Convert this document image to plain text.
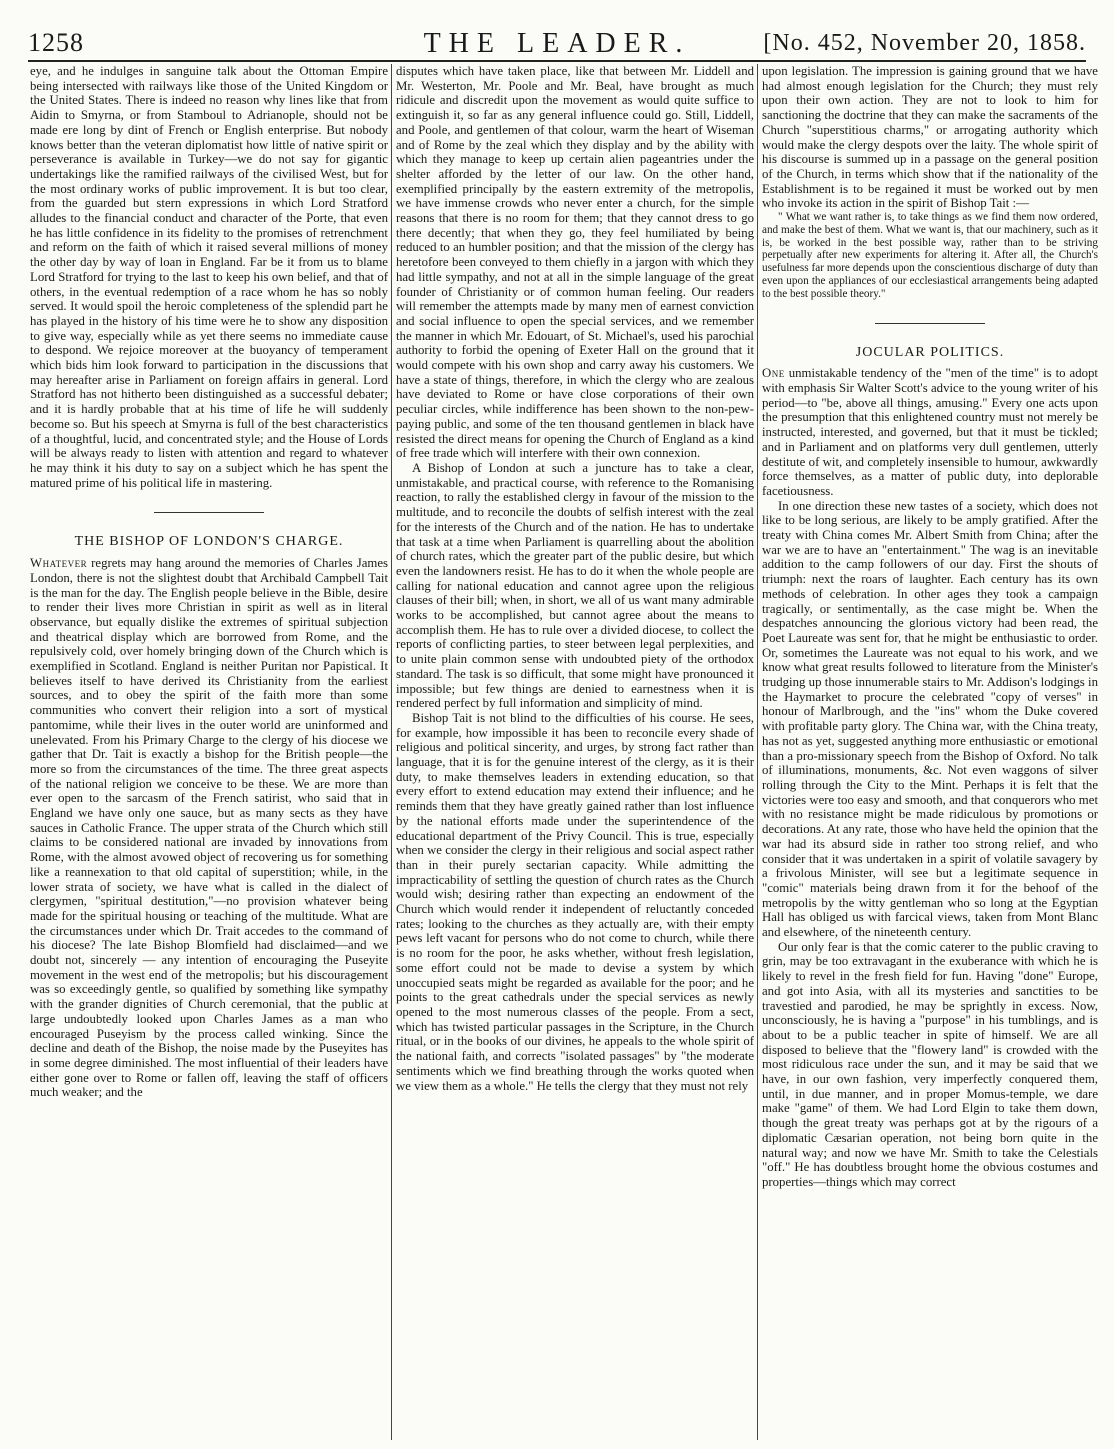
1258	THE LEADER.	[No. 452, November 20, 1858.

eye, and he indulges in sanguine talk about the Ottoman Empire being intersected with railways like those of the United Kingdom or the United States. There is indeed no reason why lines like that from Aidin to Smyrna, or from Stamboul to Adrianople, should not be made ere long by dint of French or English enterprise. But nobody knows better than the veteran diplomatist how little of native spirit or perseverance is available in Turkey—we do not say for gigantic undertakings like the ramified railways of the civilised West, but for the most ordinary works of public improvement. It is but too clear, from the guarded but stern expressions in which Lord Stratford alludes to the financial conduct and character of the Porte, that even he has little confidence in its fidelity to the promises of retrenchment and reform on the faith of which it raised several millions of money the other day by way of loan in England. Far be it from us to blame Lord Stratford for trying to the last to keep his own belief, and that of others, in the eventual redemption of a race whom he has so nobly served. It would spoil the heroic completeness of the splendid part he has played in the history of his time were he to show any disposition to give way, especially while as yet there seems no immediate cause to despond. We rejoice moreover at the buoyancy of temperament which bids him look forward to participation in the discussions that may hereafter arise in Parliament on foreign affairs in general. Lord Stratford has not hitherto been distinguished as a successful debater; and it is hardly probable that at his time of life he will suddenly become so. But his speech at Smyrna is full of the best characteristics of a thoughtful, lucid, and concentrated style; and the House of Lords will be always ready to listen with attention and regard to whatever he may think it his duty to say on a subject which he has spent the matured prime of his political life in mastering.

THE BISHOP OF LONDON'S CHARGE.

Whatever regrets may hang around the memories of Charles James London, there is not the slightest doubt that Archibald Campbell Tait is the man for the day. The English people believe in the Bible, desire to render their lives more Christian in spirit as well as in literal observance, but equally dislike the extremes of spiritual subjection and theatrical display which are borrowed from Rome, and the repulsively cold, over homely bringing down of the Church which is exemplified in Scotland. England is neither Puritan nor Papistical. It believes itself to have derived its Christianity from the earliest sources, and to obey the spirit of the faith more than some communities who convert their religion into a sort of mystical pantomime, while their lives in the outer world are uninformed and unelevated. From his Primary Charge to the clergy of his diocese we gather that Dr. Tait is exactly a bishop for the British people—the more so from the circumstances of the time. The three great aspects of the national religion we conceive to be these. We are more than ever open to the sarcasm of the French satirist, who said that in England we have only one sauce, but as many sects as they have sauces in Catholic France. The upper strata of the Church which still claims to be considered national are invaded by innovations from Rome, with the almost avowed object of recovering us for something like a reannexation to that old capital of superstition; while, in the lower strata of society, we have what is called in the dialect of clergymen, "spiritual destitution,"—no provision whatever being made for the spiritual housing or teaching of the multitude. What are the circumstances under which Dr. Trait accedes to the command of his diocese? The late Bishop Blomfield had disclaimed—and we doubt not, sincerely — any intention of encouraging the Puseyite movement in the west end of the metropolis; but his discouragement was so exceedingly gentle, so qualified by something like sympathy with the grander dignities of Church ceremonial, that the public at large undoubtedly looked upon Charles James as a man who encouraged Puseyism by the process called winking. Since the decline and death of the Bishop, the noise made by the Puseyites has in some degree diminished. The most influential of their leaders have either gone over to Rome or fallen off, leaving the staff of officers much weaker; and the

disputes which have taken place, like that between Mr. Liddell and Mr. Westerton, Mr. Poole and Mr. Beal, have brought as much ridicule and discredit upon the movement as would quite suffice to extinguish it, so far as any general influence could go. Still, Liddell, and Poole, and gentlemen of that colour, warm the heart of Wiseman and of Rome by the zeal which they display and by the ability with which they manage to keep up certain alien pageantries under the shelter afforded by the letter of our law. On the other hand, exemplified principally by the eastern extremity of the metropolis, we have immense crowds who never enter a church, for the simple reasons that there is no room for them; that they cannot dress to go there decently; that when they go, they feel humiliated by being reduced to an humbler position; and that the mission of the clergy has heretofore been conveyed to them chiefly in a jargon with which they had little sympathy, and not at all in the simple language of the great founder of Christianity or of common human feeling. Our readers will remember the attempts made by many men of earnest conviction and social influence to open the special services, and we remember the manner in which Mr. Edouart, of St. Michael's, used his parochial authority to forbid the opening of Exeter Hall on the ground that it would compete with his own shop and carry away his customers. We have a state of things, therefore, in which the clergy who are zealous have deviated to Rome or have close corporations of their own peculiar circles, while indifference has been shown to the non-pew-paying public, and some of the ten thousand gentlemen in black have resisted the direct means for opening the Church of England as a kind of free trade which will interfere with their own connexion.

A Bishop of London at such a juncture has to take a clear, unmistakable, and practical course, with reference to the Romanising reaction, to rally the established clergy in favour of the mission to the multitude, and to reconcile the doubts of selfish interest with the zeal for the interests of the Church and of the nation. He has to undertake that task at a time when Parliament is quarrelling about the abolition of church rates, which the greater part of the public desire, but which even the landowners resist. He has to do it when the whole people are calling for national education and cannot agree upon the religious clauses of their bill; when, in short, we all of us want many admirable works to be accomplished, but cannot agree about the means to accomplish them. He has to rule over a divided diocese, to collect the reports of conflicting parties, to steer between legal perplexities, and to unite plain common sense with undoubted piety of the orthodox standard. The task is so difficult, that some might have pronounced it impossible; but few things are denied to earnestness when it is rendered perfect by full information and simplicity of mind.

Bishop Tait is not blind to the difficulties of his course. He sees, for example, how impossible it has been to reconcile every shade of religious and political sincerity, and urges, by strong fact rather than language, that it is for the genuine interest of the clergy, as it is their duty, to make themselves leaders in extending education, so that every effort to extend education may extend their influence; and he reminds them that they have greatly gained rather than lost influence by the national efforts made under the superintendence of the educational department of the Privy Council. This is true, especially when we consider the clergy in their religious and social aspect rather than in their purely sectarian capacity. While admitting the impracticability of settling the question of church rates as the Church would wish; desiring rather than expecting an endowment of the Church which would render it independent of reluctantly conceded rates; looking to the churches as they actually are, with their empty pews left vacant for persons who do not come to church, while there is no room for the poor, he asks whether, without fresh legislation, some effort could not be made to devise a system by which unoccupied seats might be regarded as available for the poor; and he points to the great cathedrals under the special services as newly opened to the most numerous classes of the people. From a sect, which has twisted particular passages in the Scripture, in the Church ritual, or in the books of our divines, he appeals to the whole spirit of the national faith, and corrects "isolated passages" by "the moderate sentiments which we find breathing through the works quoted when we view them as a whole." He tells the clergy that they must not rely

upon legislation. The impression is gaining ground that we have had almost enough legislation for the Church; they must rely upon their own action. They are not to look to him for sanctioning the doctrine that they can make the sacraments of the Church "superstitious charms," or arrogating authority which would make the clergy despots over the laity. The whole spirit of his discourse is summed up in a passage on the general position of the Church, in terms which show that if the nationality of the Establishment is to be regained it must be worked out by men who invoke its action in the spirit of Bishop Tait :—

" What we want rather is, to take things as we find them now ordered, and make the best of them. What we want is, that our machinery, such as it is, be worked in the best possible way, rather than to be striving perpetually after new experiments for altering it. After all, the Church's usefulness far more depends upon the conscientious discharge of duty than even upon the appliances of our ecclesiastical arrangements being adapted to the best possible theory."

JOCULAR POLITICS.

One unmistakable tendency of the "men of the time" is to adopt with emphasis Sir Walter Scott's advice to the young writer of his period—to "be, above all things, amusing." Every one acts upon the presumption that this enlightened country must not merely be instructed, interested, and governed, but that it must be tickled; and in Parliament and on platforms very dull gentlemen, utterly destitute of wit, and completely insensible to humour, awkwardly force themselves, as a matter of public duty, into deplorable facetiousness.

In one direction these new tastes of a society, which does not like to be long serious, are likely to be amply gratified. After the treaty with China comes Mr. Albert Smith from China; after the war we are to have an "entertainment." The wag is an inevitable addition to the camp followers of our day. First the shouts of triumph: next the roars of laughter. Each century has its own methods of celebration. In other ages they took a campaign tragically, or sentimentally, as the case might be. When the despatches announcing the glorious victory had been read, the Poet Laureate was sent for, that he might be enthusiastic to order. Or, sometimes the Laureate was not equal to his work, and we know what great results followed to literature from the Minister's trudging up those innumerable stairs to Mr. Addison's lodgings in the Haymarket to procure the celebrated "copy of verses" in honour of Marlbrough, and the "ins" whom the Duke covered with profitable party glory. The China war, with the China treaty, has not as yet, suggested anything more enthusiastic or emotional than a pro-missionary speech from the Bishop of Oxford. No talk of illuminations, monuments, &c. Not even waggons of silver rolling through the City to the Mint. Perhaps it is felt that the victories were too easy and smooth, and that conquerors who met with no resistance might be made ridiculous by promotions or decorations. At any rate, those who have held the opinion that the war had its absurd side in rather too strong relief, and who consider that it was undertaken in a spirit of volatile savagery by a frivolous Minister, will see but a legitimate sequence in "comic" materials being drawn from it for the behoof of the metropolis by the witty gentleman who so long at the Egyptian Hall has obliged us with farcical views, taken from Mont Blanc and elsewhere, of the nineteenth century.

Our only fear is that the comic caterer to the public craving to grin, may be too extravagant in the exuberance with which he is likely to revel in the fresh field for fun. Having "done" Europe, and got into Asia, with all its mysteries and sanctities to be travestied and parodied, he may be sprightly in excess. Now, unconsciously, he is having a "purpose" in his tumblings, and is about to be a public teacher in spite of himself. We are all disposed to believe that the "flowery land" is crowded with the most ridiculous race under the sun, and it may be said that we have, in our own fashion, very imperfectly conquered them, until, in due manner, and in proper Momus-temple, we dare make "game" of them. We had Lord Elgin to take them down, though the great treaty was perhaps got at by the rigours of a diplomatic Cæsarian operation, not being born quite in the natural way; and now we have Mr. Smith to take the Celestials "off." He has doubtless brought home the obvious costumes and properties—things which may correct
